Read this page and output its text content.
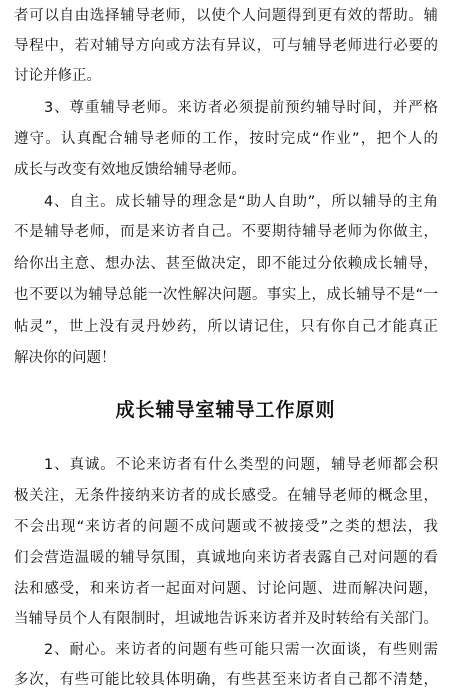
者可以自由选择辅导老师，以使个人问题得到更有效的帮助。辅
导程中，若对辅导方向或方法有异议，可与辅导老师进行必要的
讨论并修正。
3、尊重辅导老师。来访者必须提前预约辅导时间，并严格
遵守。认真配合辅导老师的工作，按时完成“作业”，把个人的
成长与改变有效地反馈给辅导老师。
4、自主。成长辅导的理念是“助人自助”，所以辅导的主角
不是辅导老师，而是来访者自己。不要期待辅导老师为你做主，
给你出主意、想办法、甚至做决定，即不能过分依赖成长辅导，
也不要以为辅导总能一次性解决问题。事实上，成长辅导不是“一
帖灵”，世上没有灵丹妙药，所以请记住，只有你自己才能真正
解决你的问题！
成长辅导室辅导工作原则
1、真诚。不论来访者有什么类型的问题，辅导老师都会积
极关注，无条件接纳来访者的成长感受。在辅导老师的概念里，
不会出现“来访者的问题不成问题或不被接受”之类的想法，我
们会营造温暖的辅导氛围，真诚地向来访者表露自己对问题的看
法和感受，和来访者一起面对问题、讨论问题、进而解决问题，
当辅导员个人有限制时，坦诚地告诉来访者并及时转给有关部门。
2、耐心。来访者的问题有些可能只需一次面谈，有些则需
多次，有些可能比较具体明确，有些甚至来访者自己都不清楚，
